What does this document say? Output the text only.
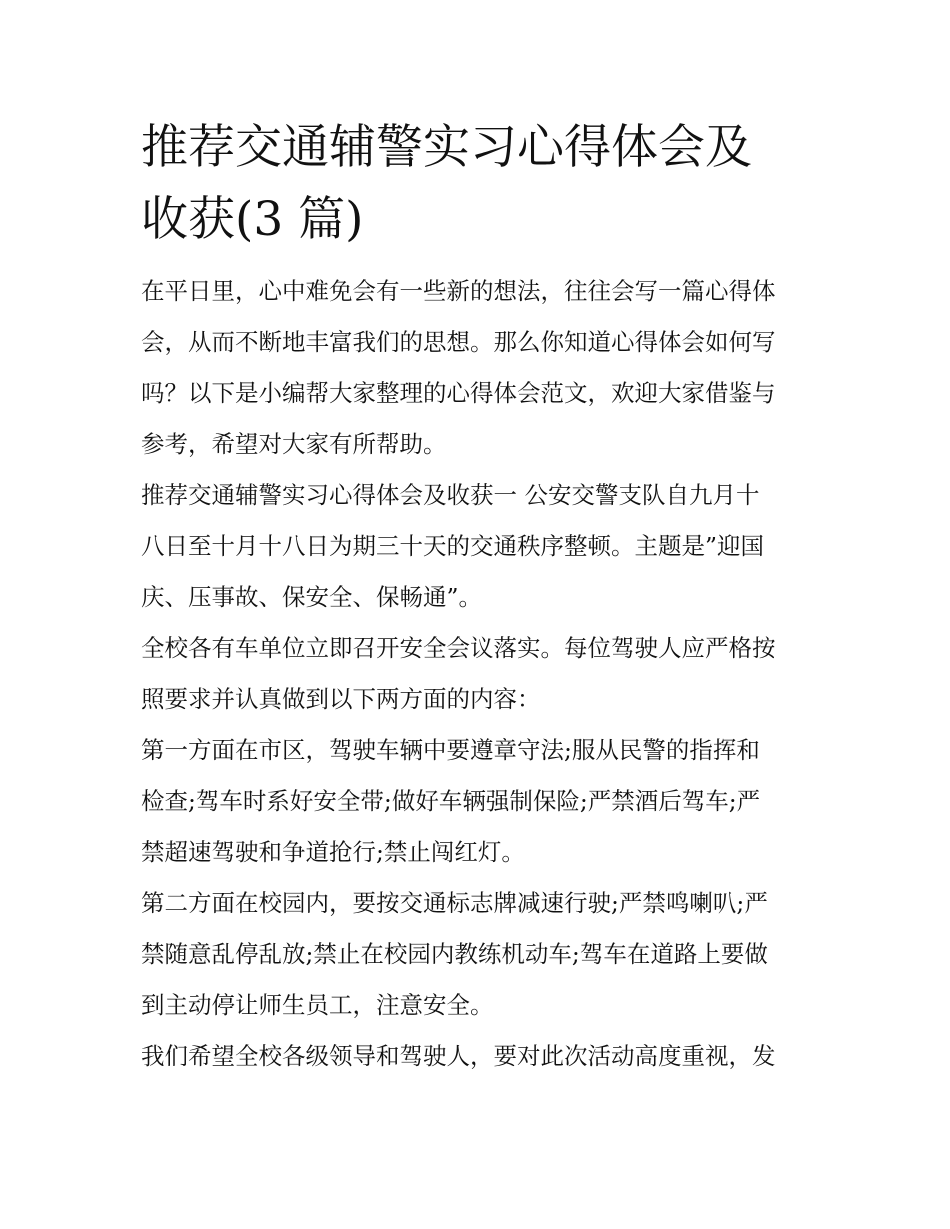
推荐交通辅警实习心得体会及
收获(3 篇)

在平日里，心中难免会有一些新的想法，往往会写一篇心得体
会，从而不断地丰富我们的思想。那么你知道心得体会如何写
吗？以下是小编帮大家整理的心得体会范文，欢迎大家借鉴与
参考，希望对大家有所帮助。

推荐交通辅警实习心得体会及收获一 公安交警支队自九月十
八日至十月十八日为期三十天的交通秩序整顿。主题是”迎国
庆、压事故、保安全、保畅通”。

全校各有车单位立即召开安全会议落实。每位驾驶人应严格按
照要求并认真做到以下两方面的内容：

第一方面在市区，驾驶车辆中要遵章守法;服从民警的指挥和
检查;驾车时系好安全带;做好车辆强制保险;严禁酒后驾车;严
禁超速驾驶和争道抢行;禁止闯红灯。

第二方面在校园内，要按交通标志牌减速行驶;严禁鸣喇叭;严
禁随意乱停乱放;禁止在校园内教练机动车;驾车在道路上要做
到主动停让师生员工，注意安全。

我们希望全校各级领导和驾驶人，要对此次活动高度重视，发
